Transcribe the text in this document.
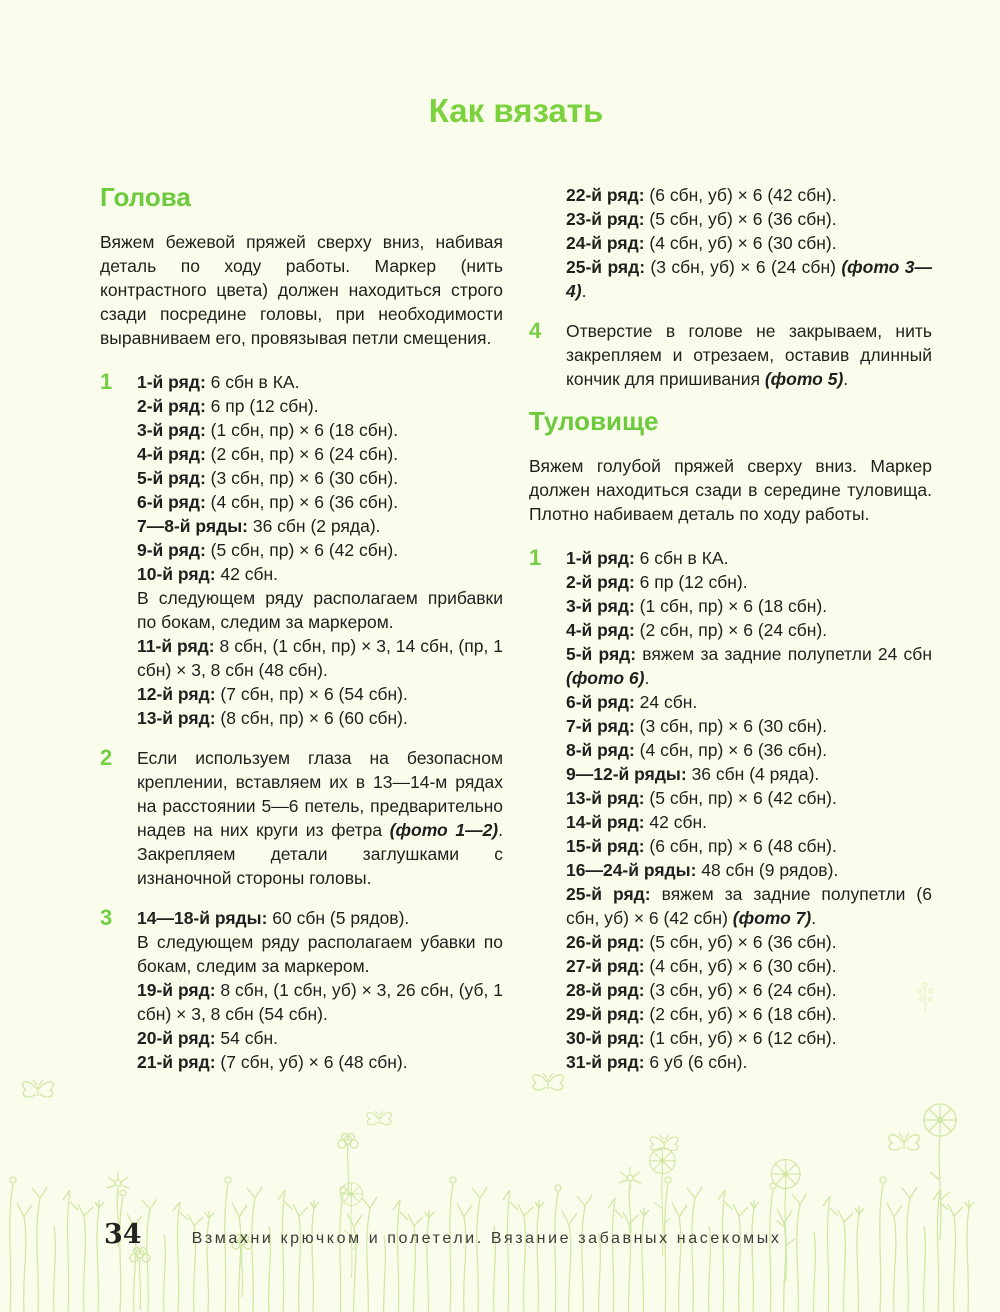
Как вязать
Голова

Вяжем бежевой пряжей сверху вниз, набивая деталь по ходу работы. Маркер (нить контрастного цвета) должен находиться строго сзади посредине головы, при необходимости выравниваем его, провязывая петли смещения.

1	1-й ряд: 6 сбн в КА.
2-й ряд: 6 пр (12 сбн).
3-й ряд: (1 сбн, пр) × 6 (18 сбн).
4-й ряд: (2 сбн, пр) × 6 (24 сбн).
5-й ряд: (3 сбн, пр) × 6 (30 сбн).
6-й ряд: (4 сбн, пр) × 6 (36 сбн).
7—8-й ряды: 36 сбн (2 ряда).
9-й ряд: (5 сбн, пр) × 6 (42 сбн).
10-й ряд: 42 сбн.
В следующем ряду располагаем прибавки по бокам, следим за маркером.
11-й ряд: 8 сбн, (1 сбн, пр) × 3, 14 сбн, (пр, 1 сбн) × 3, 8 сбн (48 сбн).
12-й ряд: (7 сбн, пр) × 6 (54 сбн).
13-й ряд: (8 сбн, пр) × 6 (60 сбн).
2	Если используем глаза на безопасном креплении, вставляем их в 13—14-м рядах на расстоянии 5—6 петель, предварительно надев на них круги из фетра (фото 1—2). Закрепляем детали заглушками с изнаночной стороны головы.
3	14—18-й ряды: 60 сбн (5 рядов).
В следующем ряду располагаем убавки по бокам, следим за маркером.
19-й ряд: 8 сбн, (1 сбн, уб) × 3, 26 сбн, (уб, 1 сбн) × 3, 8 сбн (54 сбн).
20-й ряд: 54 сбн.
21-й ряд: (7 сбн, уб) × 6 (48 сбн).
22-й ряд: (6 сбн, уб) × 6 (42 сбн).
23-й ряд: (5 сбн, уб) × 6 (36 сбн).
24-й ряд: (4 сбн, уб) × 6 (30 сбн).
25-й ряд: (3 сбн, уб) × 6 (24 сбн) (фото 3—4).
4	Отверстие в голове не закрываем, нить закрепляем и отрезаем, оставив длинный кончик для пришивания (фото 5).
Туловище

Вяжем голубой пряжей сверху вниз. Маркер должен находиться сзади в середине туловища. Плотно набиваем деталь по ходу работы.

1	1-й ряд: 6 сбн в КА.
2-й ряд: 6 пр (12 сбн).
3-й ряд: (1 сбн, пр) × 6 (18 сбн).
4-й ряд: (2 сбн, пр) × 6 (24 сбн).
5-й ряд: вяжем за задние полупетли 24 сбн (фото 6).
6-й ряд: 24 сбн.
7-й ряд: (3 сбн, пр) × 6 (30 сбн).
8-й ряд: (4 сбн, пр) × 6 (36 сбн).
9—12-й ряды: 36 сбн (4 ряда).
13-й ряд: (5 сбн, пр) × 6 (42 сбн).
14-й ряд: 42 сбн.
15-й ряд: (6 сбн, пр) × 6 (48 сбн).
16—24-й ряды: 48 сбн (9 рядов).
25-й ряд: вяжем за задние полупетли (6 сбн, уб) × 6 (42 сбн) (фото 7).
26-й ряд: (5 сбн, уб) × 6 (36 сбн).
27-й ряд: (4 сбн, уб) × 6 (30 сбн).
28-й ряд: (3 сбн, уб) × 6 (24 сбн).
29-й ряд: (2 сбн, уб) × 6 (18 сбн).
30-й ряд: (1 сбн, уб) × 6 (12 сбн).
31-й ряд: 6 уб (6 сбн).
34	Взмахни крючком и полетели. Вязание забавных насекомых
